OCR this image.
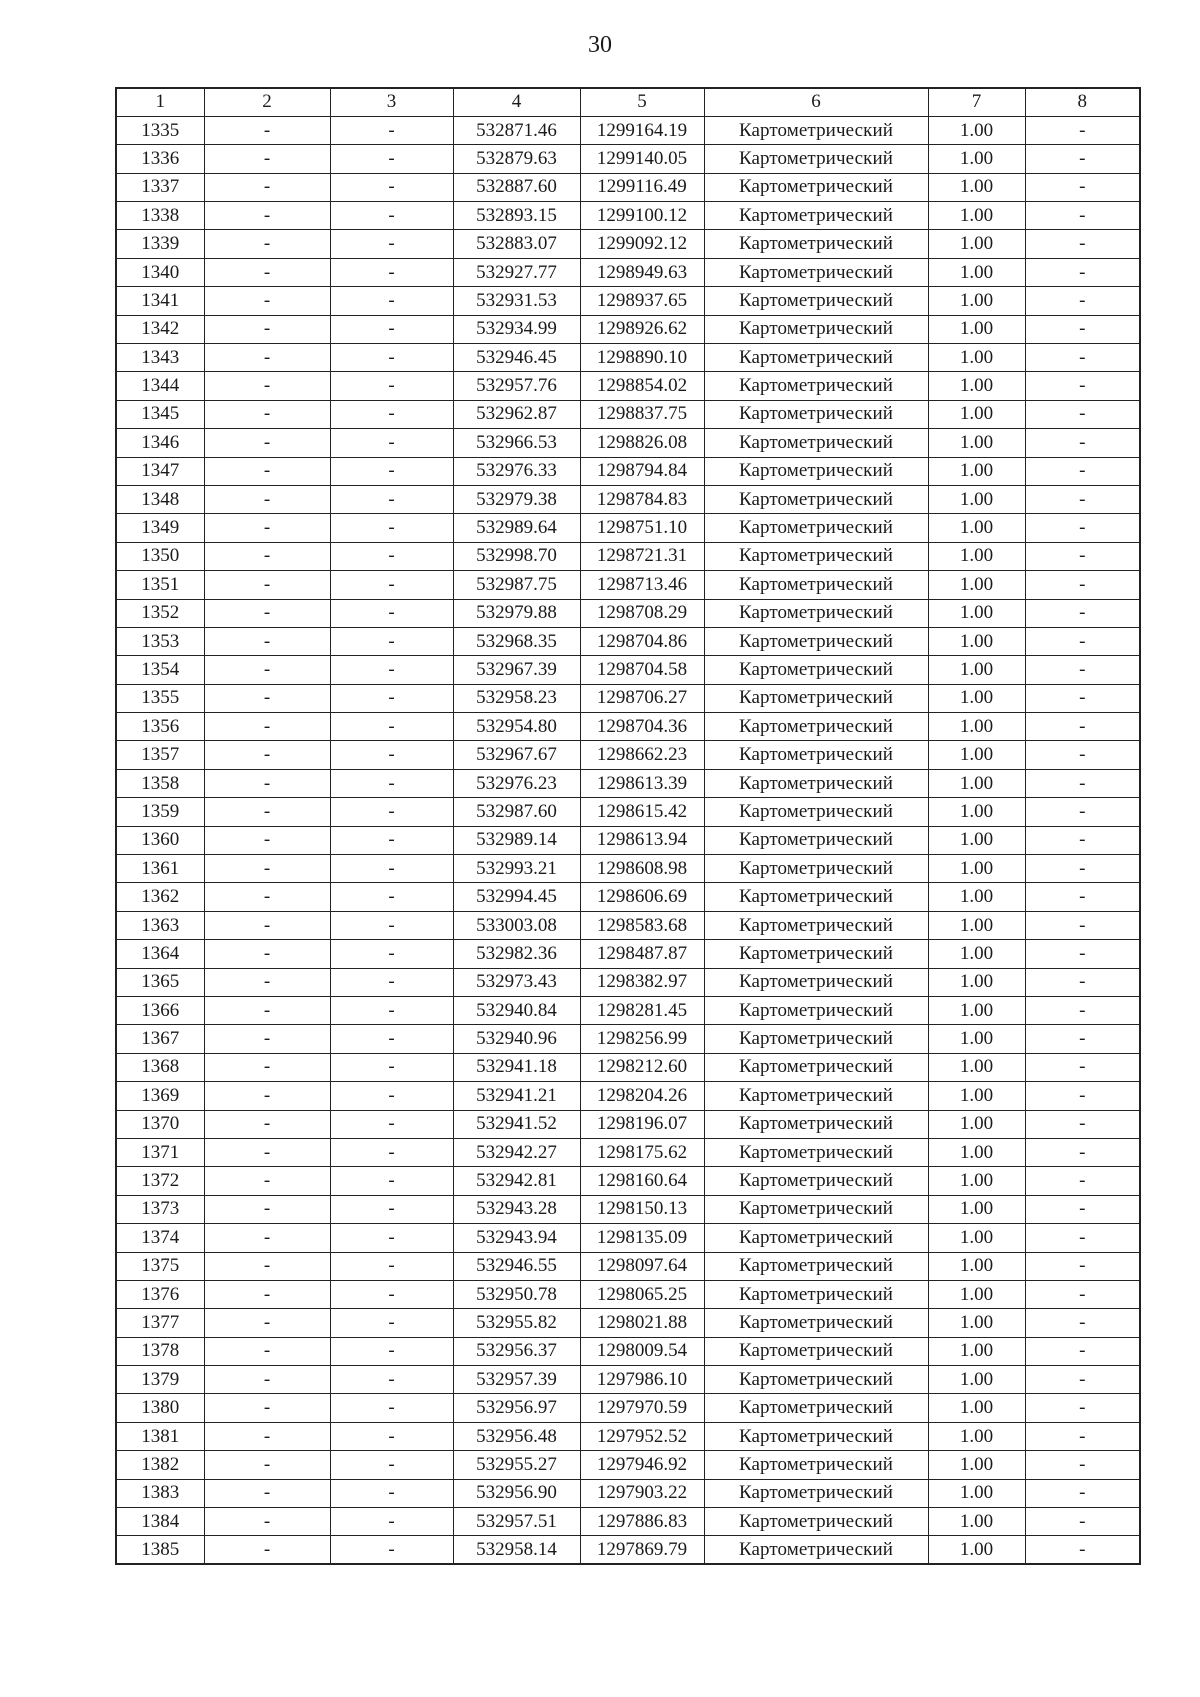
30
1	2	3	4	5	6	7	8
1335	-	-	532871.46	1299164.19	Картометрический	1.00	-
1336	-	-	532879.63	1299140.05	Картометрический	1.00	-
1337	-	-	532887.60	1299116.49	Картометрический	1.00	-
1338	-	-	532893.15	1299100.12	Картометрический	1.00	-
1339	-	-	532883.07	1299092.12	Картометрический	1.00	-
1340	-	-	532927.77	1298949.63	Картометрический	1.00	-
1341	-	-	532931.53	1298937.65	Картометрический	1.00	-
1342	-	-	532934.99	1298926.62	Картометрический	1.00	-
1343	-	-	532946.45	1298890.10	Картометрический	1.00	-
1344	-	-	532957.76	1298854.02	Картометрический	1.00	-
1345	-	-	532962.87	1298837.75	Картометрический	1.00	-
1346	-	-	532966.53	1298826.08	Картометрический	1.00	-
1347	-	-	532976.33	1298794.84	Картометрический	1.00	-
1348	-	-	532979.38	1298784.83	Картометрический	1.00	-
1349	-	-	532989.64	1298751.10	Картометрический	1.00	-
1350	-	-	532998.70	1298721.31	Картометрический	1.00	-
1351	-	-	532987.75	1298713.46	Картометрический	1.00	-
1352	-	-	532979.88	1298708.29	Картометрический	1.00	-
1353	-	-	532968.35	1298704.86	Картометрический	1.00	-
1354	-	-	532967.39	1298704.58	Картометрический	1.00	-
1355	-	-	532958.23	1298706.27	Картометрический	1.00	-
1356	-	-	532954.80	1298704.36	Картометрический	1.00	-
1357	-	-	532967.67	1298662.23	Картометрический	1.00	-
1358	-	-	532976.23	1298613.39	Картометрический	1.00	-
1359	-	-	532987.60	1298615.42	Картометрический	1.00	-
1360	-	-	532989.14	1298613.94	Картометрический	1.00	-
1361	-	-	532993.21	1298608.98	Картометрический	1.00	-
1362	-	-	532994.45	1298606.69	Картометрический	1.00	-
1363	-	-	533003.08	1298583.68	Картометрический	1.00	-
1364	-	-	532982.36	1298487.87	Картометрический	1.00	-
1365	-	-	532973.43	1298382.97	Картометрический	1.00	-
1366	-	-	532940.84	1298281.45	Картометрический	1.00	-
1367	-	-	532940.96	1298256.99	Картометрический	1.00	-
1368	-	-	532941.18	1298212.60	Картометрический	1.00	-
1369	-	-	532941.21	1298204.26	Картометрический	1.00	-
1370	-	-	532941.52	1298196.07	Картометрический	1.00	-
1371	-	-	532942.27	1298175.62	Картометрический	1.00	-
1372	-	-	532942.81	1298160.64	Картометрический	1.00	-
1373	-	-	532943.28	1298150.13	Картометрический	1.00	-
1374	-	-	532943.94	1298135.09	Картометрический	1.00	-
1375	-	-	532946.55	1298097.64	Картометрический	1.00	-
1376	-	-	532950.78	1298065.25	Картометрический	1.00	-
1377	-	-	532955.82	1298021.88	Картометрический	1.00	-
1378	-	-	532956.37	1298009.54	Картометрический	1.00	-
1379	-	-	532957.39	1297986.10	Картометрический	1.00	-
1380	-	-	532956.97	1297970.59	Картометрический	1.00	-
1381	-	-	532956.48	1297952.52	Картометрический	1.00	-
1382	-	-	532955.27	1297946.92	Картометрический	1.00	-
1383	-	-	532956.90	1297903.22	Картометрический	1.00	-
1384	-	-	532957.51	1297886.83	Картометрический	1.00	-
1385	-	-	532958.14	1297869.79	Картометрический	1.00	-
